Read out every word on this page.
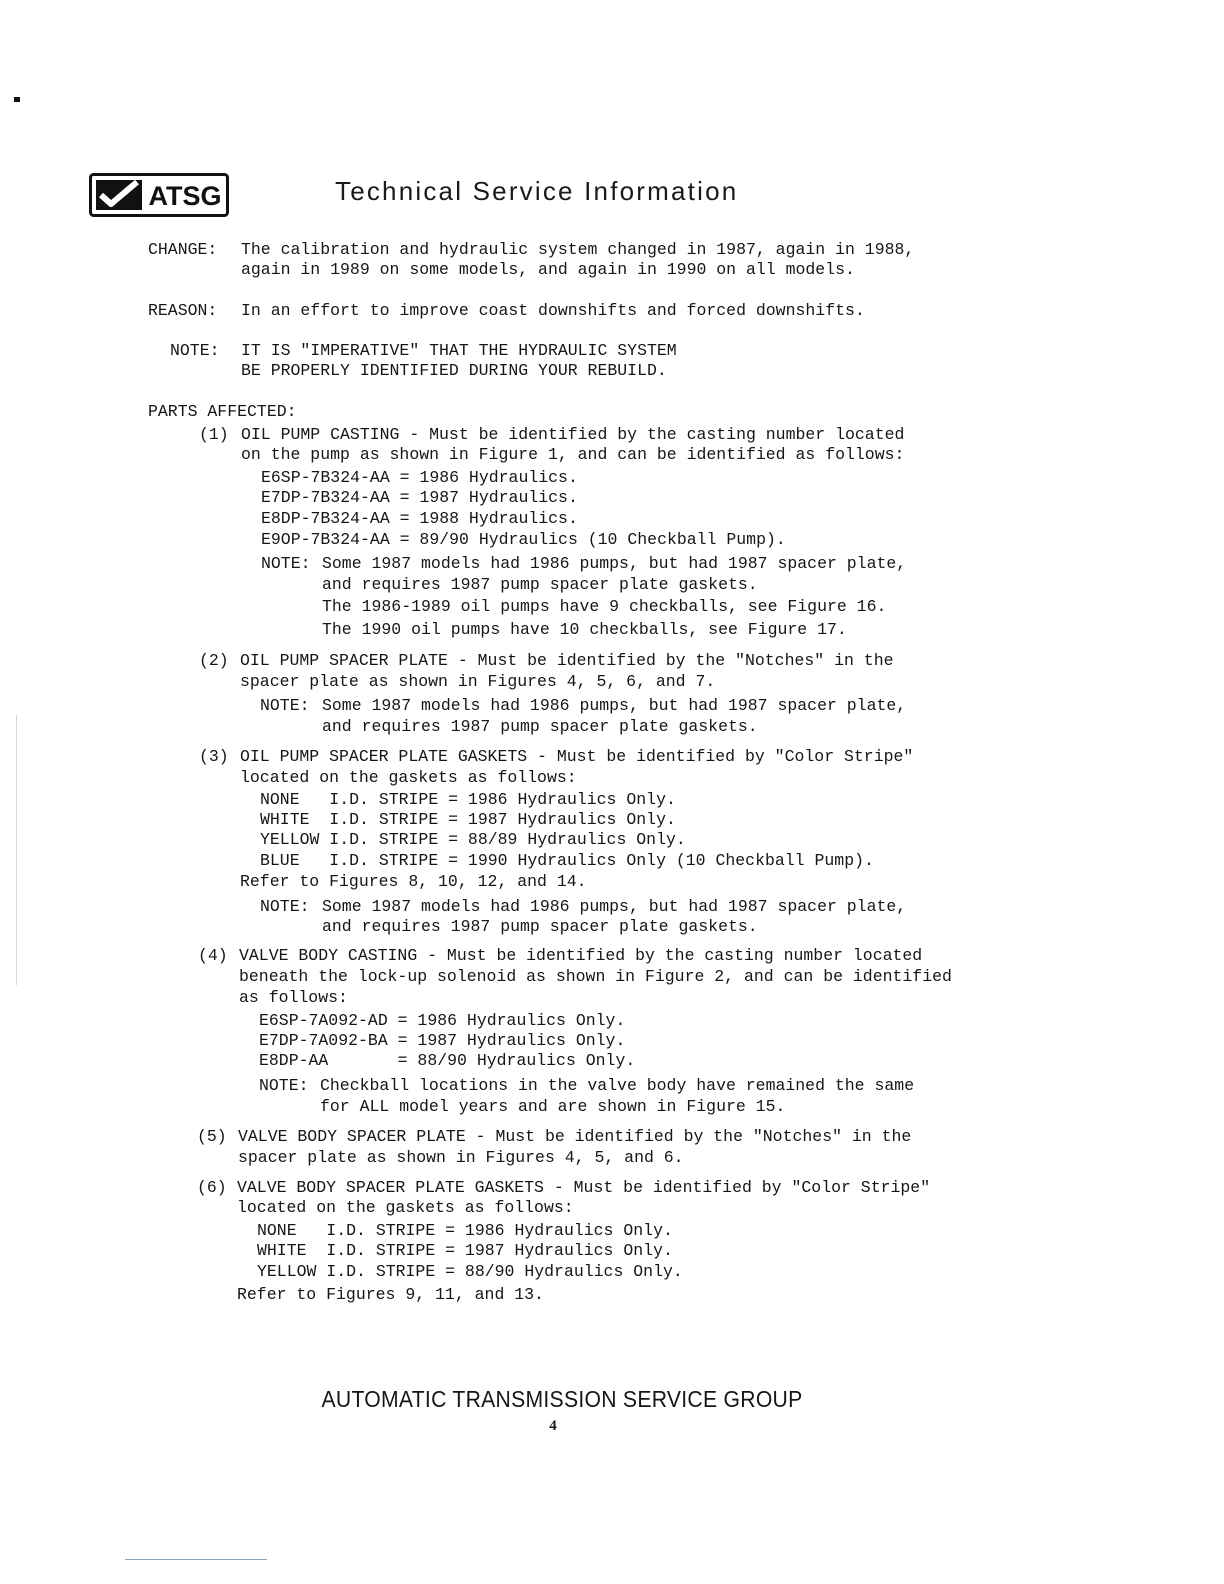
ATSG	Technical Service Information
CHANGE: The calibration and hydraulic system changed in 1987, again in 1988,
again in 1989 on some models, and again in 1990 on all models.
REASON: In an effort to improve coast downshifts and forced downshifts.
NOTE: IT IS "IMPERATIVE" THAT THE HYDRAULIC SYSTEM
BE PROPERLY IDENTIFIED DURING YOUR REBUILD.
PARTS AFFECTED:
(1) OIL PUMP CASTING - Must be identified by the casting number located
on the pump as shown in Figure 1, and can be identified as follows:
E6SP-7B324-AA = 1986 Hydraulics.
E7DP-7B324-AA = 1987 Hydraulics.
E8DP-7B324-AA = 1988 Hydraulics.
E9OP-7B324-AA = 89/90 Hydraulics (10 Checkball Pump).
NOTE: Some 1987 models had 1986 pumps, but had 1987 spacer plate,
and requires 1987 pump spacer plate gaskets.
The 1986-1989 oil pumps have 9 checkballs, see Figure 16.
The 1990 oil pumps have 10 checkballs, see Figure 17.
(2) OIL PUMP SPACER PLATE - Must be identified by the "Notches" in the
spacer plate as shown in Figures 4, 5, 6, and 7.
NOTE: Some 1987 models had 1986 pumps, but had 1987 spacer plate,
and requires 1987 pump spacer plate gaskets.
(3) OIL PUMP SPACER PLATE GASKETS - Must be identified by "Color Stripe"
located on the gaskets as follows:
NONE   I.D. STRIPE = 1986 Hydraulics Only.
WHITE  I.D. STRIPE = 1987 Hydraulics Only.
YELLOW I.D. STRIPE = 88/89 Hydraulics Only.
BLUE   I.D. STRIPE = 1990 Hydraulics Only (10 Checkball Pump).
Refer to Figures 8, 10, 12, and 14.
NOTE: Some 1987 models had 1986 pumps, but had 1987 spacer plate,
and requires 1987 pump spacer plate gaskets.
(4) VALVE BODY CASTING - Must be identified by the casting number located
beneath the lock-up solenoid as shown in Figure 2, and can be identified
as follows:
E6SP-7A092-AD = 1986 Hydraulics Only.
E7DP-7A092-BA = 1987 Hydraulics Only.
E8DP-AA       = 88/90 Hydraulics Only.
NOTE: Checkball locations in the valve body have remained the same
for ALL model years and are shown in Figure 15.
(5) VALVE BODY SPACER PLATE - Must be identified by the "Notches" in the
spacer plate as shown in Figures 4, 5, and 6.
(6) VALVE BODY SPACER PLATE GASKETS - Must be identified by "Color Stripe"
located on the gaskets as follows:
NONE   I.D. STRIPE = 1986 Hydraulics Only.
WHITE  I.D. STRIPE = 1987 Hydraulics Only.
YELLOW I.D. STRIPE = 88/90 Hydraulics Only.
Refer to Figures 9, 11, and 13.
AUTOMATIC TRANSMISSION SERVICE GROUP
4
